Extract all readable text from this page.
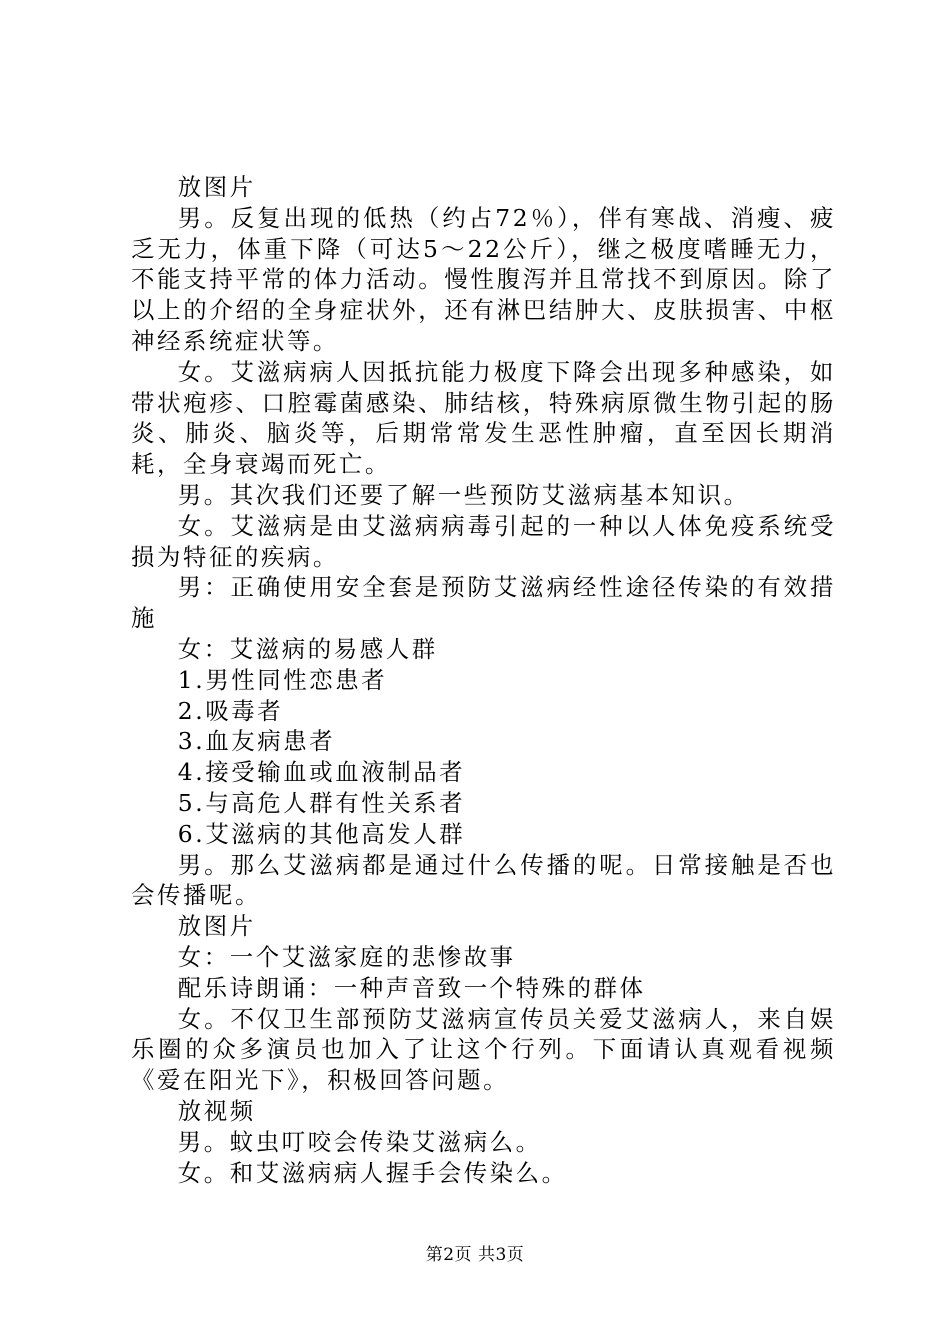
放图片

男。反复出现的低热（约占72％），伴有寒战、消瘦、疲乏无力，体重下降（可达5～22公斤），继之极度嗜睡无力，不能支持平常的体力活动。慢性腹泻并且常找不到原因。除了以上的介绍的全身症状外，还有淋巴结肿大、皮肤损害、中枢神经系统症状等。

女。艾滋病病人因抵抗能力极度下降会出现多种感染，如带状疱疹、口腔霉菌感染、肺结核，特殊病原微生物引起的肠炎、肺炎、脑炎等，后期常常发生恶性肿瘤，直至因长期消耗，全身衰竭而死亡。

男。其次我们还要了解一些预防艾滋病基本知识。

女。艾滋病是由艾滋病病毒引起的一种以人体免疫系统受损为特征的疾病。

男：正确使用安全套是预防艾滋病经性途径传染的有效措施

女：艾滋病的易感人群

1.男性同性恋患者

2.吸毒者

3.血友病患者

4.接受输血或血液制品者

5.与高危人群有性关系者

6.艾滋病的其他高发人群

男。那么艾滋病都是通过什么传播的呢。日常接触是否也会传播呢。

放图片

女：一个艾滋家庭的悲惨故事

配乐诗朗诵：一种声音致一个特殊的群体

女。不仅卫生部预防艾滋病宣传员关爱艾滋病人，来自娱乐圈的众多演员也加入了让这个行列。下面请认真观看视频《爱在阳光下》，积极回答问题。

放视频

男。蚊虫叮咬会传染艾滋病么。

女。和艾滋病病人握手会传染么。

第2页 共3页
